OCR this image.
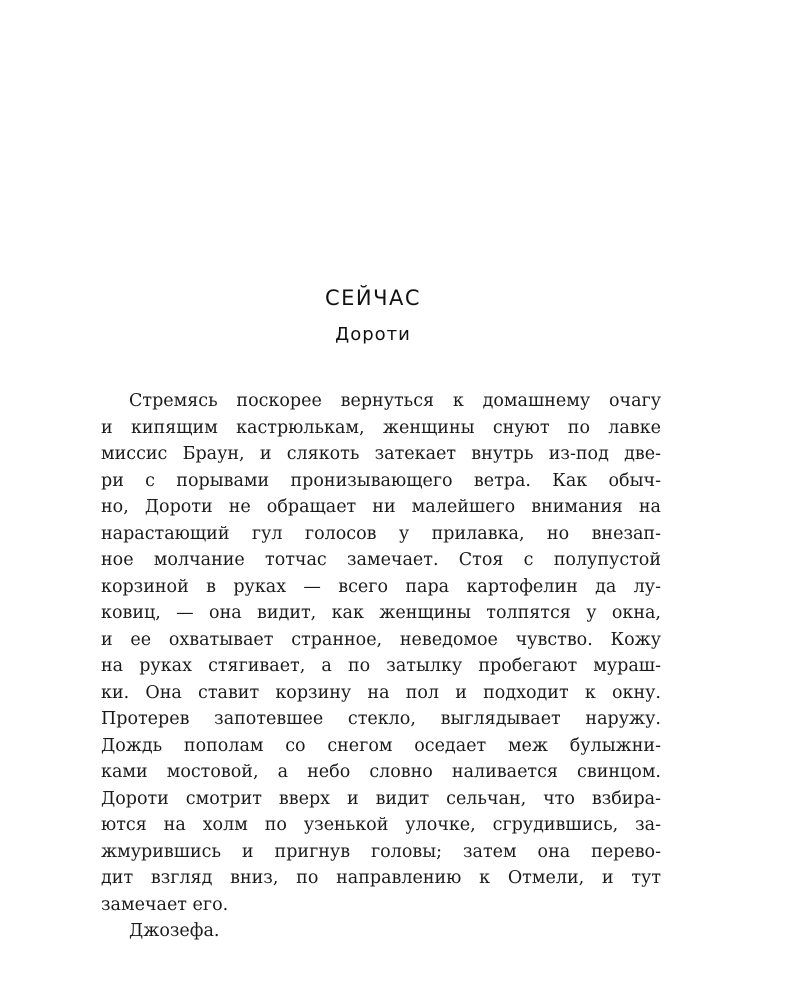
СЕЙЧАС
Дороти
Стремясь поскорее вернуться к домашнему очагу
и кипящим кастрюлькам, женщины снуют по лавке
миссис Браун, и слякоть затекает внутрь из-под две-
ри с порывами пронизывающего ветра. Как обыч-
но, Дороти не обращает ни малейшего внимания на
нарастающий гул голосов у прилавка, но внезап-
ное молчание тотчас замечает. Стоя с полупустой
корзиной в руках — всего пара картофелин да лу-
ковиц, — она видит, как женщины толпятся у окна,
и ее охватывает странное, неведомое чувство. Кожу
на руках стягивает, а по затылку пробегают мураш-
ки. Она ставит корзину на пол и подходит к окну.
Протерев запотевшее стекло, выглядывает наружу.
Дождь пополам со снегом оседает меж булыжни-
ками мостовой, а небо словно наливается свинцом.
Дороти смотрит вверх и видит сельчан, что взбира-
ются на холм по узенькой улочке, сгрудившись, за-
жмурившись и пригнув головы; затем она перево-
дит взгляд вниз, по направлению к Отмели, и тут
замечает его.
Джозефа.
